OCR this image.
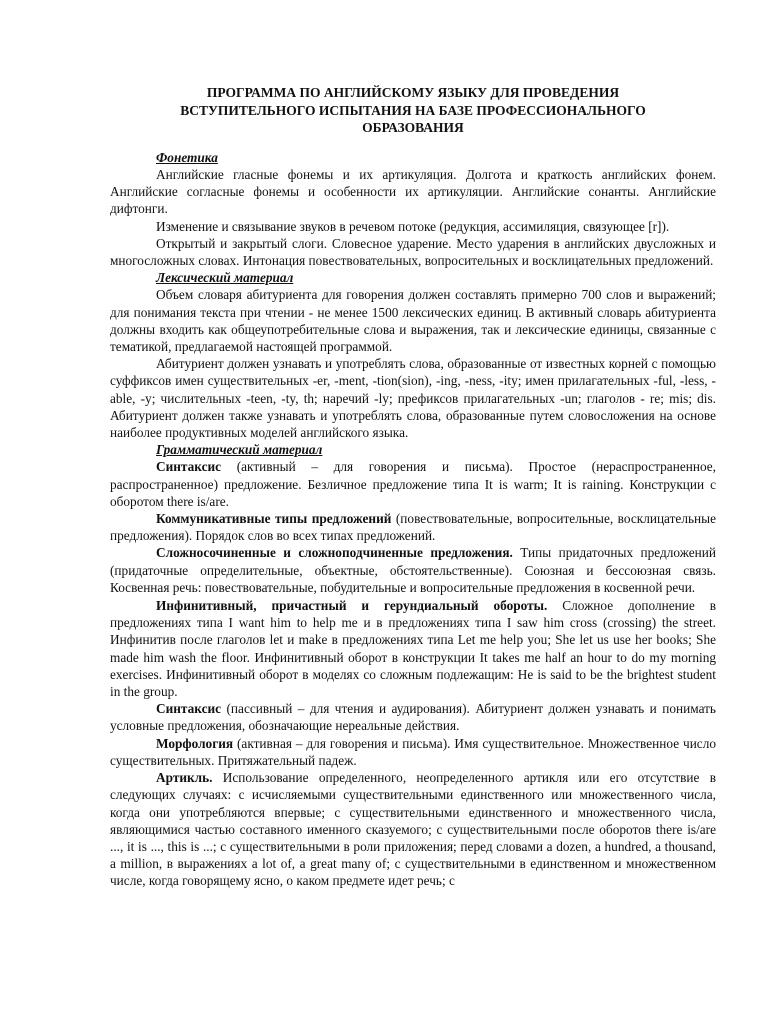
ПРОГРАММА ПО АНГЛИЙСКОМУ ЯЗЫКУ ДЛЯ ПРОВЕДЕНИЯ ВСТУПИТЕЛЬНОГО ИСПЫТАНИЯ НА БАЗЕ ПРОФЕССИОНАЛЬНОГО ОБРАЗОВАНИЯ
Фонетика

Английские гласные фонемы и их артикуляция. Долгота и краткость английских фонем. Английские согласные фонемы и особенности их артикуляции. Английские сонанты. Английские дифтонги.

Изменение и связывание звуков в речевом потоке (редукция, ассимиляция, связующее [r]).

Открытый и закрытый слоги. Словесное ударение. Место ударения в английских двусложных и многосложных словах. Интонация повествовательных, вопросительных и восклицательных предложений.

Лексический материал

Объем словаря абитуриента для говорения должен составлять примерно 700 слов и выражений; для понимания текста при чтении - не менее 1500 лексических единиц. В активный словарь абитуриента должны входить как общеупотребительные слова и выражения, так и лексические единицы, связанные с тематикой, предлагаемой настоящей программой.

Абитуриент должен узнавать и употреблять слова, образованные от известных корней с помощью суффиксов имен существительных -er, -ment, -tion(sion), -ing, -ness, -ity; имен прилагательных -ful, -less, -able, -y; числительных -teen, -ty, th; наречий -ly; префиксов прилагательных -un; глаголов - re; mis; dis. Абитуриент должен также узнавать и употреблять слова, образованные путем словосложения на основе наиболее продуктивных моделей английского языка.

Грамматический материал

Синтаксис (активный – для говорения и письма). Простое (нераспространенное, распространенное) предложение. Безличное предложение типа It is warm; It is raining. Конструкции с оборотом there is/are.

Коммуникативные типы предложений (повествовательные, вопросительные, восклицательные предложения). Порядок слов во всех типах предложений.

Сложносочиненные и сложноподчиненные предложения. Типы придаточных предложений (придаточные определительные, объектные, обстоятельственные). Союзная и бессоюзная связь. Косвенная речь: повествовательные, побудительные и вопросительные предложения в косвенной речи.

Инфинитивный, причастный и герундиальный обороты. Сложное дополнение в предложениях типа I want him to help me и в предложениях типа I saw him cross (crossing) the street. Инфинитив после глаголов let и make в предложениях типа Let me help you; She let us use her books; She made him wash the floor. Инфинитивный оборот в конструкции It takes me half an hour to do my morning exercises. Инфинитивный оборот в моделях со сложным подлежащим: He is said to be the brightest student in the group.

Синтаксис (пассивный – для чтения и аудирования). Абитуриент должен узнавать и понимать условные предложения, обозначающие нереальные действия.

Морфология (активная – для говорения и письма). Имя существительное. Множественное число существительных. Притяжательный падеж.

Артикль. Использование определенного, неопределенного артикля или его отсутствие в следующих случаях: с исчисляемыми существительными единственного или множественного числа, когда они употребляются впервые; с существительными единственного и множественного числа, являющимися частью составного именного сказуемого; с существительными после оборотов there is/are ..., it is ..., this is ...; с существительными в роли приложения; перед словами a dozen, a hundred, a thousand, a million, в выражениях a lot of, a great many of; с существительными в единственном и множественном числе, когда говорящему ясно, о каком предмете идет речь; с
